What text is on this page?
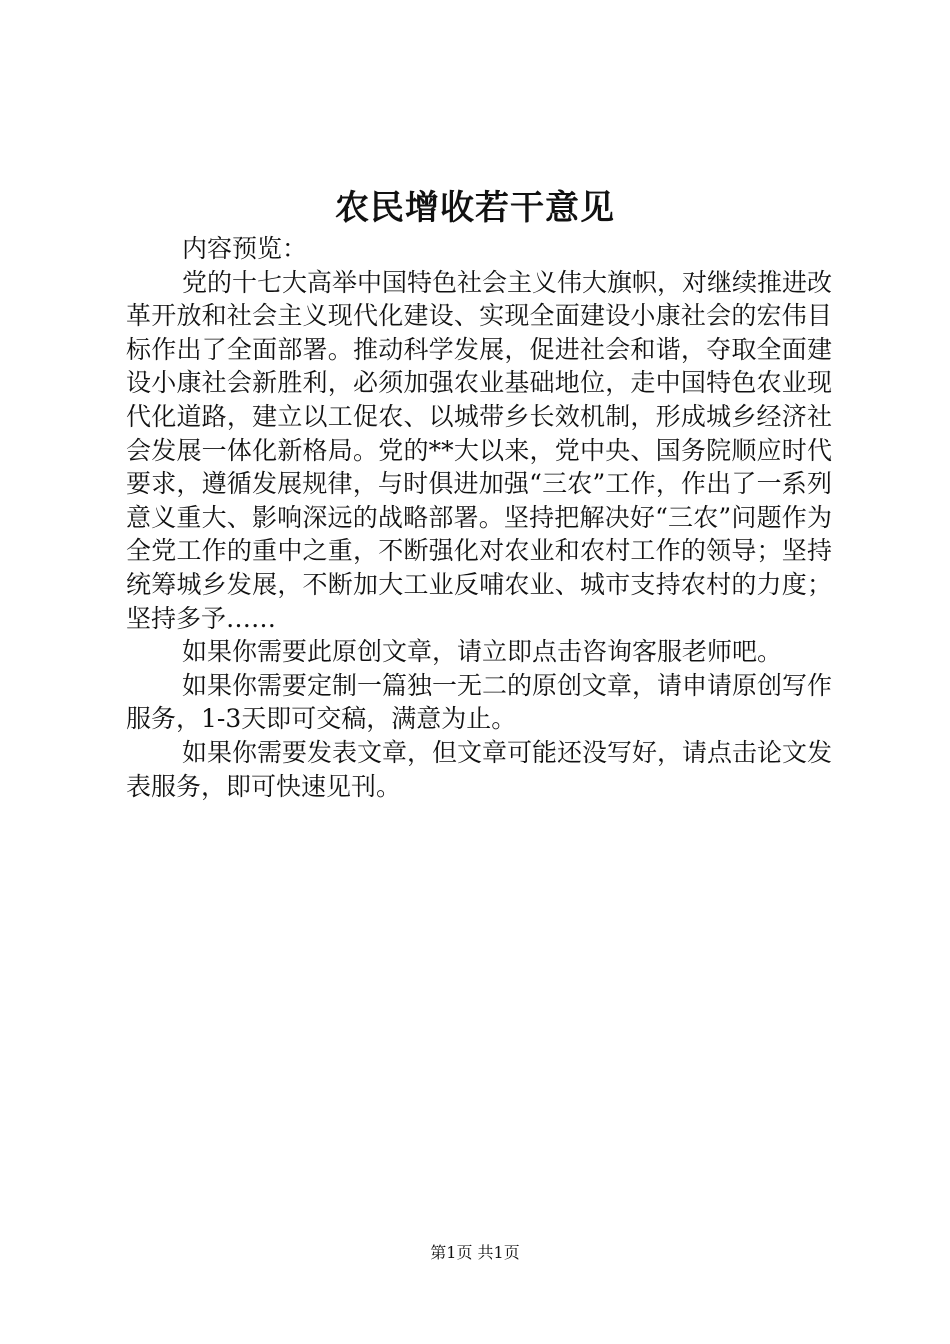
农民增收若干意见

内容预览：

党的十七大高举中国特色社会主义伟大旗帜，对继续推进改革开放和社会主义现代化建设、实现全面建设小康社会的宏伟目标作出了全面部署。推动科学发展，促进社会和谐，夺取全面建设小康社会新胜利，必须加强农业基础地位，走中国特色农业现代化道路，建立以工促农、以城带乡长效机制，形成城乡经济社会发展一体化新格局。党的**大以来，党中央、国务院顺应时代要求，遵循发展规律，与时俱进加强“三农”工作，作出了一系列意义重大、影响深远的战略部署。坚持把解决好“三农”问题作为全党工作的重中之重，不断强化对农业和农村工作的领导；坚持统筹城乡发展，不断加大工业反哺农业、城市支持农村的力度；坚持多予……

如果你需要此原创文章，请立即点击咨询客服老师吧。

如果你需要定制一篇独一无二的原创文章，请申请原创写作服务，1-3天即可交稿，满意为止。

如果你需要发表文章，但文章可能还没写好，请点击论文发表服务，即可快速见刊。

第1页 共1页
